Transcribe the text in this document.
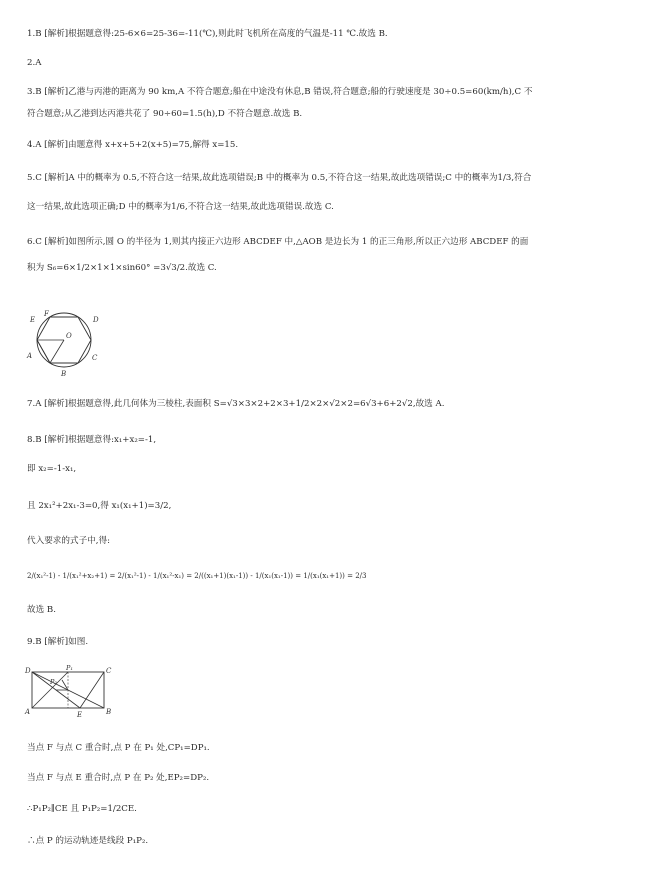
1.B [解析]根据题意得:25-6×6=25-36=-11(℃),则此时飞机所在高度的气温是-11 ℃.故选 B.
2.A
3.B [解析]乙港与丙港的距离为 90 km,A 不符合题意;船在中途没有休息,B 错误,符合题意;船的行驶速度是 30÷0.5=60(km/h),C 不
符合题意;从乙港到达丙港共花了 90÷60=1.5(h),D 不符合题意.故选 B.
4.A [解析]由题意得 x+x+5+2(x+5)=75,解得 x=15.
5.C [解析]A 中的概率为 0.5,不符合这一结果,故此选项错误;B 中的概率为 0.5,不符合这一结果,故此选项错误;C 中的概率为1/3,符合
这一结果,故此选项正确;D 中的概率为1/6,不符合这一结果,故此选项错误.故选 C.
6.C [解析]如图所示,圆 O 的半径为 1,则其内接正六边形 ABCDEF 中,△AOB 是边长为 1 的正三角形,所以正六边形 ABCDEF 的面
积为 S₆=6×1/2×1×1×sin60° =3√3/2.故选 C.
F
D
E
O
A	C
B
7.A [解析]根据题意得,此几何体为三棱柱,表面积 S=√3×3×2+2×3+1/2×2×√2×2=6√3+6+2√2,故选 A.
8.B [解析]根据题意得:x₁+x₂=-1,
即 x₂=-1-x₁,
且 2x₁²+2x₁-3=0,得 x₁(x₁+1)=3/2,
代入要求的式子中,得:
2/(x₁²-1) - 1/(x₁²+x₂+1) = 2/(x₁²-1) - 1/(x₁²-x₁) = 2/((x₁+1)(x₁-1)) - 1/(x₁(x₁-1)) = 1/(x₁(x₁+1)) = 2/3
故选 B.
9.B [解析]如图.
D	P₁	C
P₂
A	E	B
当点 F 与点 C 重合时,点 P 在 P₁ 处,CP₁=DP₁.
当点 F 与点 E 重合时,点 P 在 P₂ 处,EP₂=DP₂.
∴P₁P₂∥CE 且 P₁P₂=1/2CE.
∴点 P 的运动轨迹是线段 P₁P₂.
